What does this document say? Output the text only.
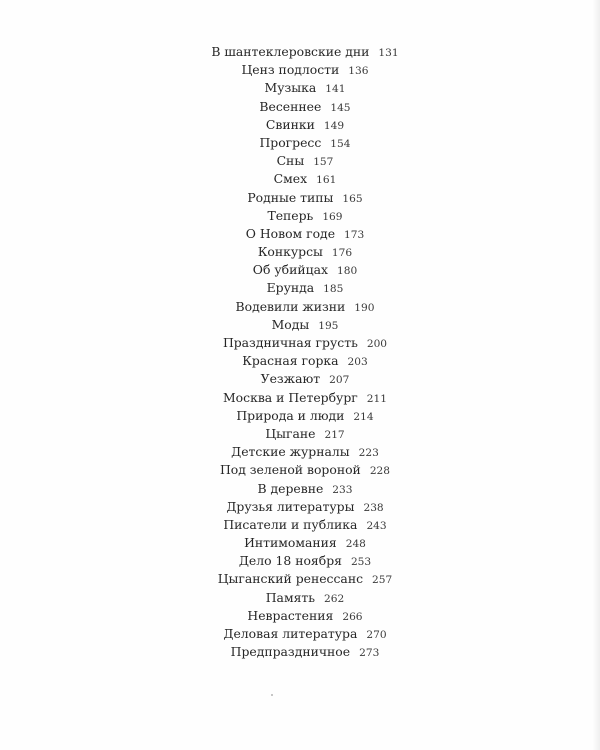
В шантеклеровские дни 131
Ценз подлости 136
Музыка 141
Весеннее 145
Свинки 149
Прогресс 154
Сны 157
Смех 161
Родные типы 165
Теперь 169
О Новом годе 173
Конкурсы 176
Об убийцах 180
Ерунда 185
Водевили жизни 190
Моды 195
Праздничная грусть 200
Красная горка 203
Уезжают 207
Москва и Петербург 211
Природа и люди 214
Цыгане 217
Детские журналы 223
Под зеленой вороной 228
В деревне 233
Друзья литературы 238
Писатели и публика 243
Интимомания 248
Дело 18 ноября 253
Цыганский ренессанс 257
Память 262
Неврастения 266
Деловая литература 270
Предпраздничное 273
